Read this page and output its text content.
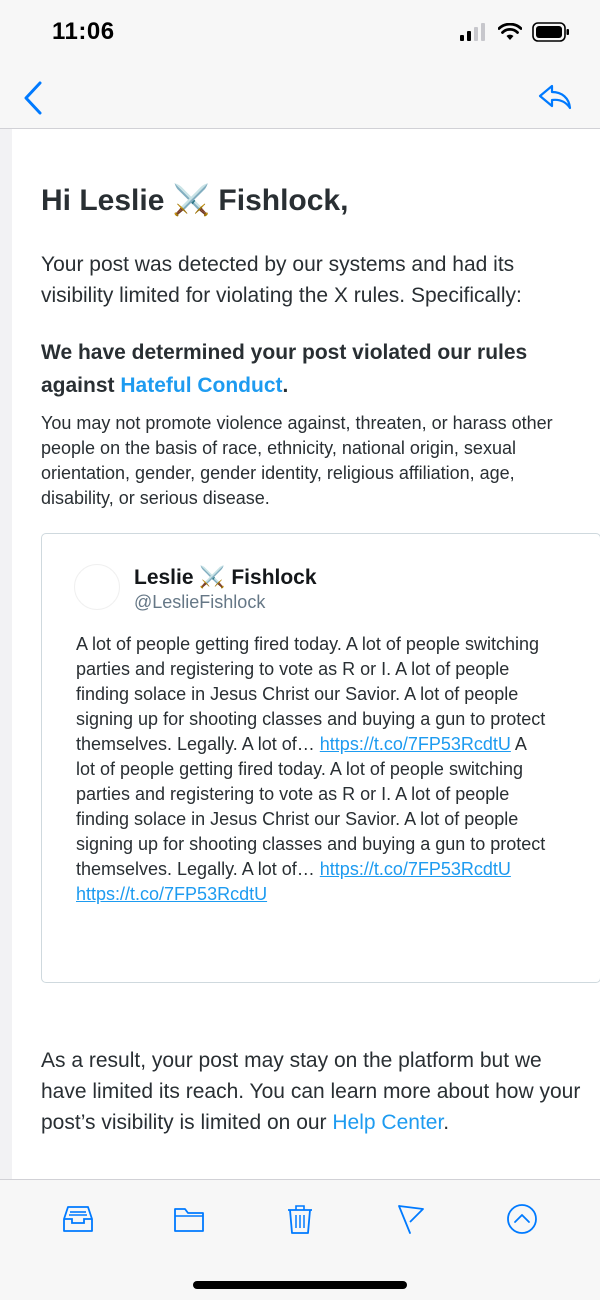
11:06
Hi Leslie ⚔️ Fishlock,
Your post was detected by our systems and had its visibility limited for violating the X rules. Specifically:
We have determined your post violated our rules against Hateful Conduct.
You may not promote violence against, threaten, or harass other people on the basis of race, ethnicity, national origin, sexual orientation, gender, gender identity, religious affiliation, age, disability, or serious disease.
Leslie ⚔️ Fishlock
@LeslieFishlock
A lot of people getting fired today. A lot of people switching parties and registering to vote as R or I. A lot of people finding solace in Jesus Christ our Savior. A lot of people signing up for shooting classes and buying a gun to protect themselves. Legally. A lot of… https://t.co/7FP53RcdtU A lot of people getting fired today. A lot of people switching parties and registering to vote as R or I. A lot of people finding solace in Jesus Christ our Savior. A lot of people signing up for shooting classes and buying a gun to protect themselves. Legally. A lot of… https://t.co/7FP53RcdtU https://t.co/7FP53RcdtU
As a result, your post may stay on the platform but we have limited its reach. You can learn more about how your post’s visibility is limited on our Help Center.
